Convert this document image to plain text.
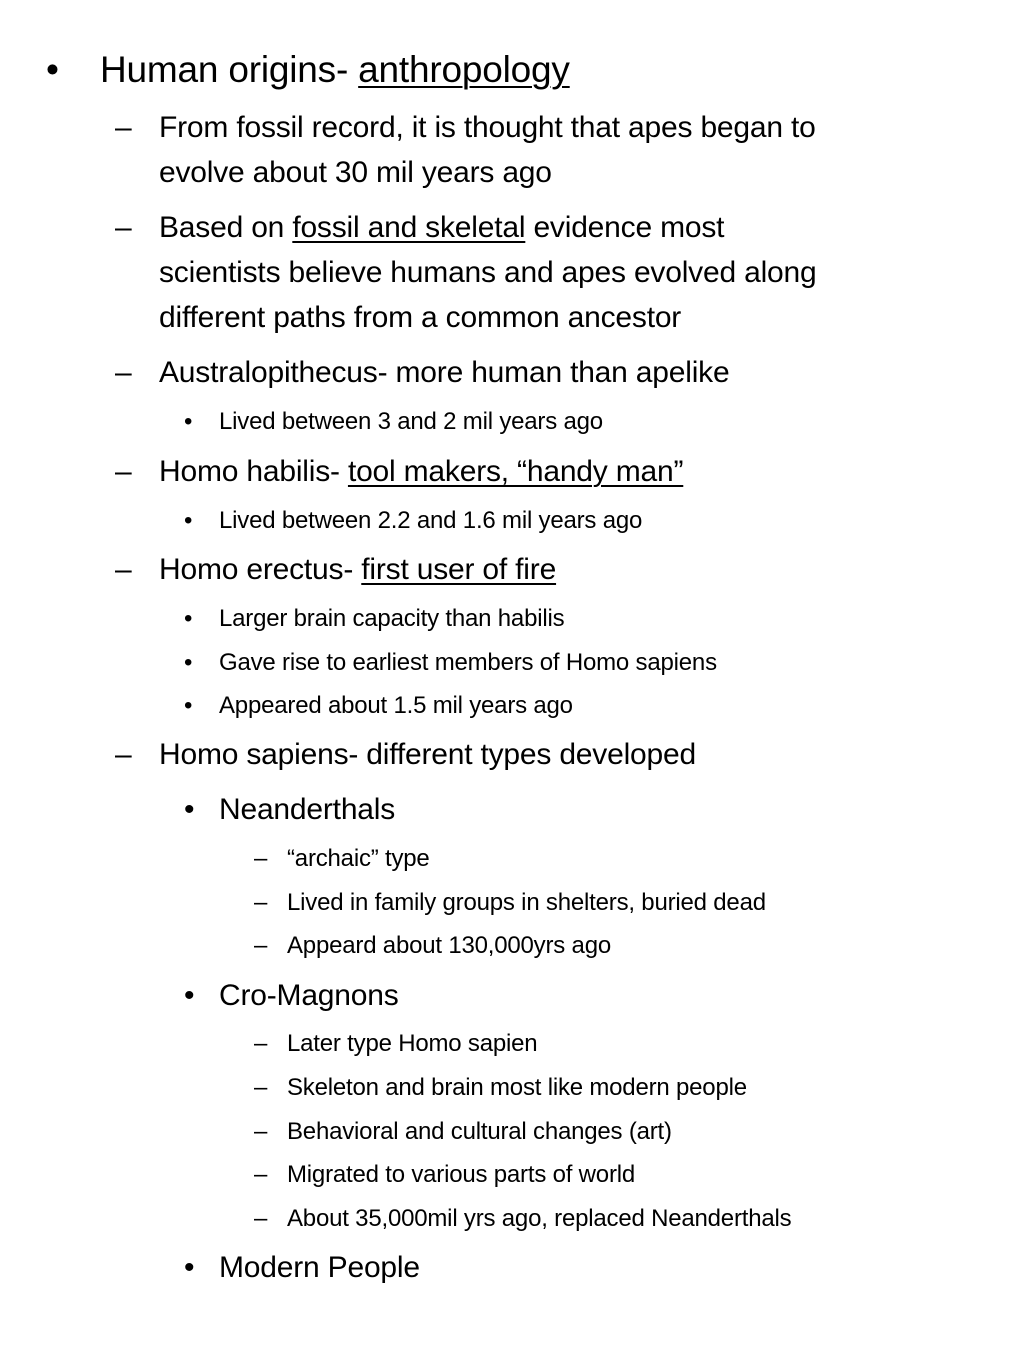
• Human origins- anthropology
– From fossil record, it is thought that apes began to
evolve about 30 mil years ago
– Based on fossil and skeletal evidence most
scientists believe humans and apes evolved along
different paths from a common ancestor
– Australopithecus- more human than apelike
• Lived between 3 and 2 mil years ago
– Homo habilis- tool makers, “handy man”
• Lived between 2.2 and 1.6 mil years ago
– Homo erectus- first user of fire
• Larger brain capacity than habilis
• Gave rise to earliest members of Homo sapiens
• Appeared about 1.5 mil years ago
– Homo sapiens- different types developed
• Neanderthals
– “archaic” type
– Lived in family groups in shelters, buried dead
– Appeard about 130,000yrs ago
• Cro-Magnons
– Later type Homo sapien
– Skeleton and brain most like modern people
– Behavioral and cultural changes (art)
– Migrated to various parts of world
– About 35,000mil yrs ago, replaced Neanderthals
• Modern People
